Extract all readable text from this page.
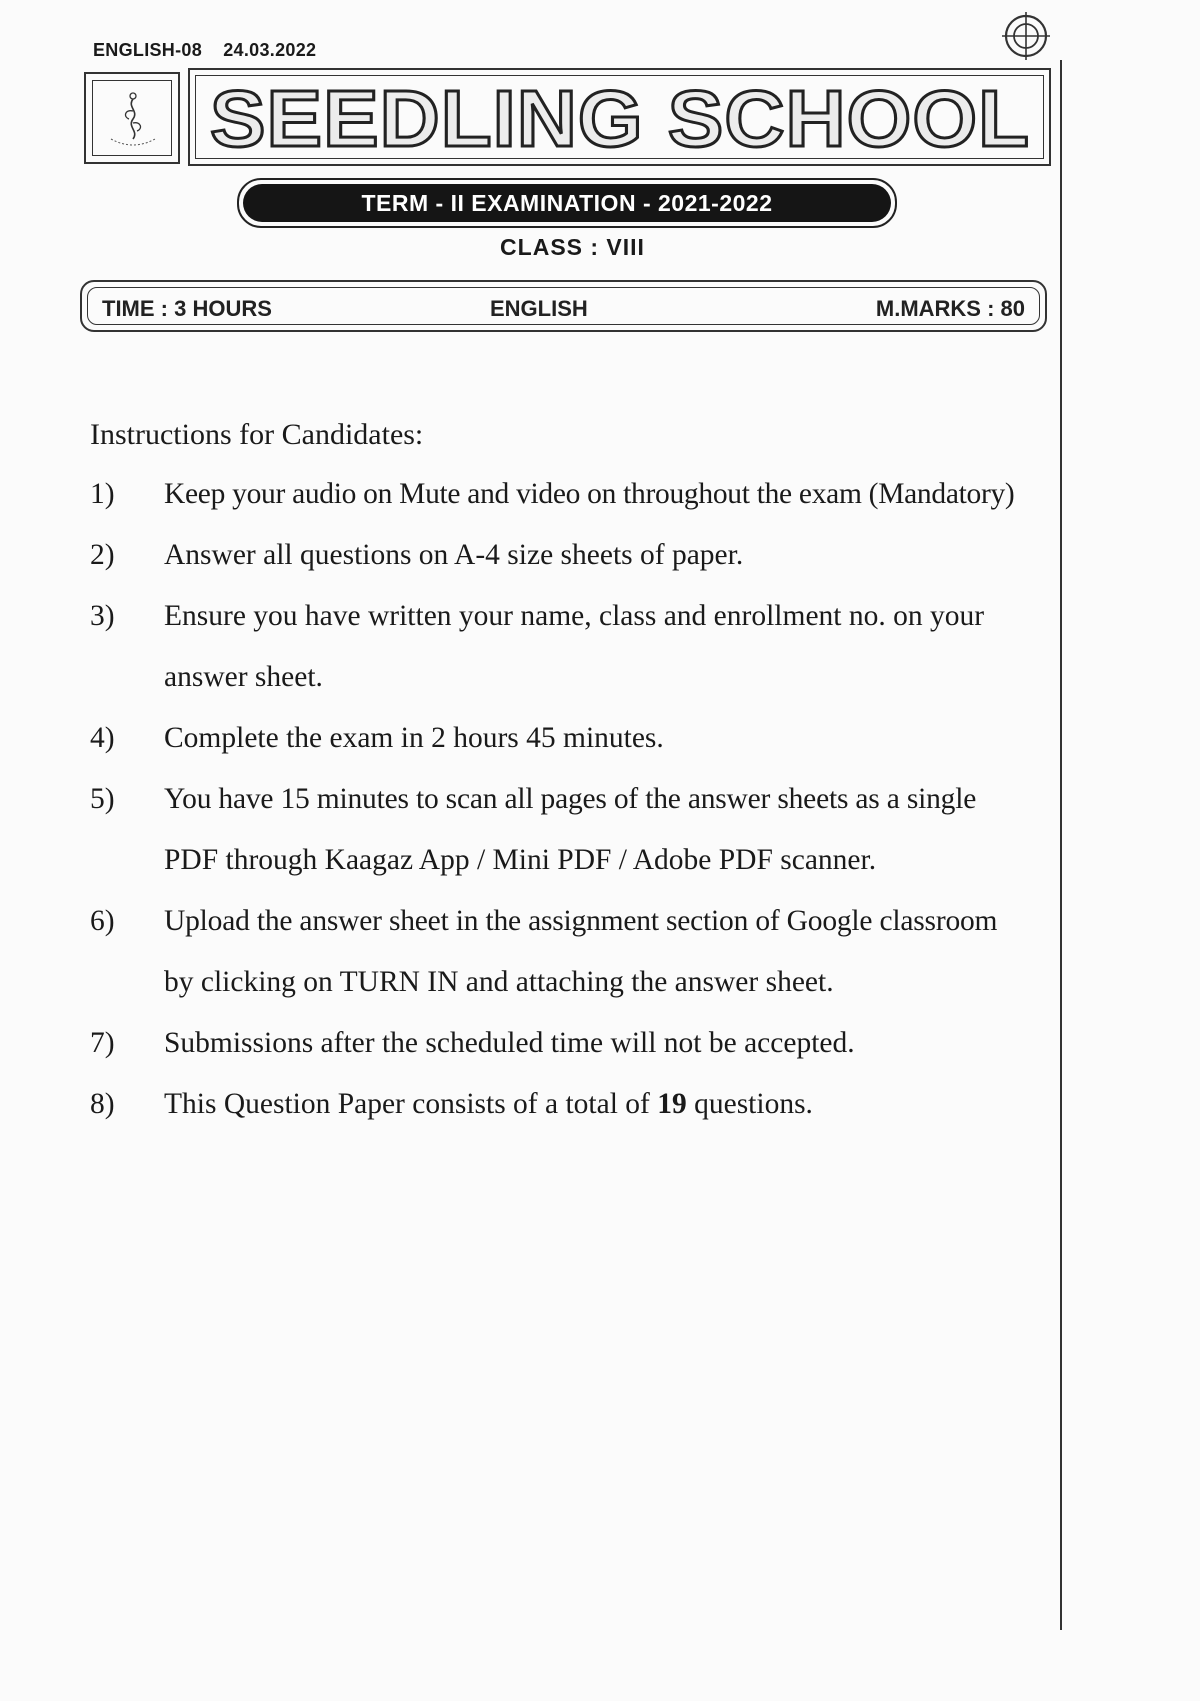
ENGLISH-08 24.03.2022
SEEDLING SCHOOL
TERM - II EXAMINATION - 2021-2022
CLASS : VIII
TIME : 3 HOURS	ENGLISH	M.MARKS : 80
Instructions for Candidates:
1) Keep your audio on Mute and video on throughout the exam (Mandatory)
2) Answer all questions on A-4 size sheets of paper.
3) Ensure you have written your name, class and enrollment no. on your
answer sheet.
4) Complete the exam in 2 hours 45 minutes.
5) You have 15 minutes to scan all pages of the answer sheets as a single
PDF through Kaagaz App / Mini PDF / Adobe PDF scanner.
6) Upload the answer sheet in the assignment section of Google classroom
by clicking on TURN IN and attaching the answer sheet.
7) Submissions after the scheduled time will not be accepted.
8) This Question Paper consists of a total of 19 questions.
